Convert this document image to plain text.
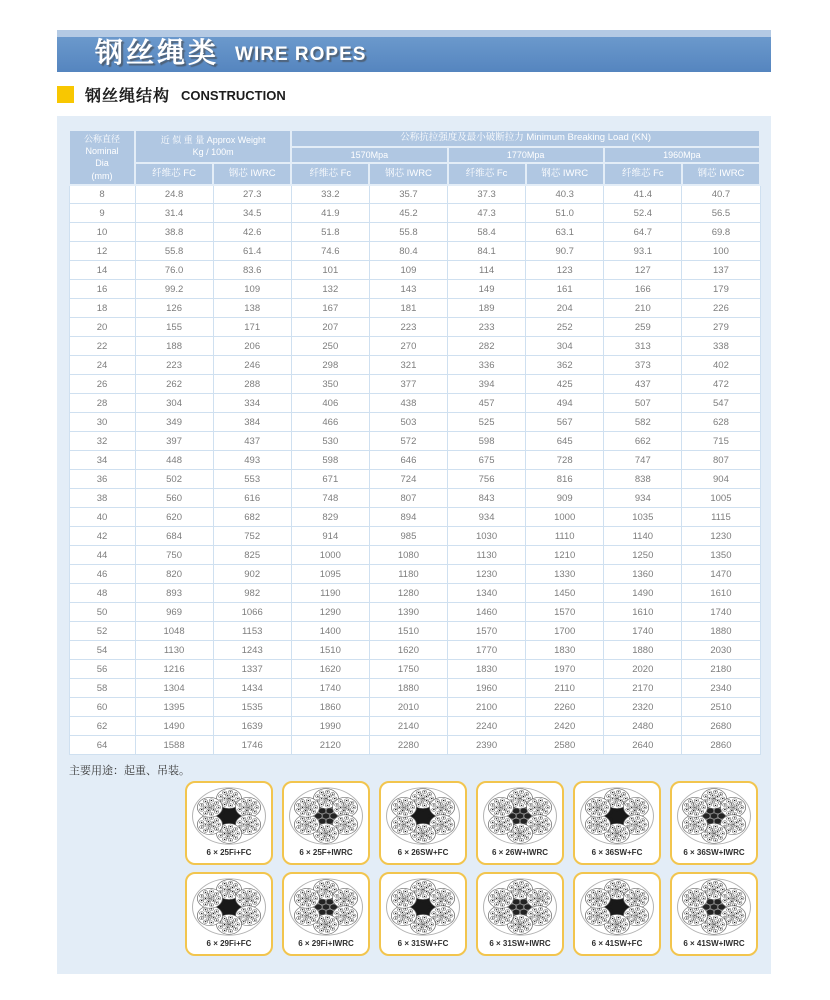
钢丝绳类 WIRE ROPES
钢丝绳结构 CONSTRUCTION
公称直径
Nominal
Dia
(mm)

近 似 重 量 Approx Weight
Kg / 100m
	公称抗拉强度及最小破断拉力 Minimum Breaking Load (KN)
			1570Mpa		1770Mpa		1960Mpa	
	纤维芯 FC	钢芯 IWRC	纤维芯 Fc	钢芯 IWRC	纤维芯 Fc	钢芯 IWRC	纤维芯 Fc	钢芯 IWRC
8	24.8	27.3	33.2	35.7	37.3	40.3	41.4	40.7
9	31.4	34.5	41.9	45.2	47.3	51.0	52.4	56.5
10	38.8	42.6	51.8	55.8	58.4	63.1	64.7	69.8
12	55.8	61.4	74.6	80.4	84.1	90.7	93.1	100
14	76.0	83.6	101	109	114	123	127	137
16	99.2	109	132	143	149	161	166	179
18	126	138	167	181	189	204	210	226
20	155	171	207	223	233	252	259	279
22	188	206	250	270	282	304	313	338
24	223	246	298	321	336	362	373	402
26	262	288	350	377	394	425	437	472
28	304	334	406	438	457	494	507	547
30	349	384	466	503	525	567	582	628
32	397	437	530	572	598	645	662	715
34	448	493	598	646	675	728	747	807
36	502	553	671	724	756	816	838	904
38	560	616	748	807	843	909	934	1005
40	620	682	829	894	934	1000	1035	1115
42	684	752	914	985	1030	1110	1140	1230
44	750	825	1000	1080	1130	1210	1250	1350
46	820	902	1095	1180	1230	1330	1360	1470
48	893	982	1190	1280	1340	1450	1490	1610
50	969	1066	1290	1390	1460	1570	1610	1740
52	1048	1153	1400	1510	1570	1700	1740	1880
54	1130	1243	1510	1620	1770	1830	1880	2030
56	1216	1337	1620	1750	1830	1970	2020	2180
58	1304	1434	1740	1880	1960	2110	2170	2340
60	1395	1535	1860	2010	2100	2260	2320	2510
62	1490	1639	1990	2140	2240	2420	2480	2680
64	1588	1746	2120	2280	2390	2580	2640	2860
主要用途：起重、吊装。
6 × 25Fi+FC	6 × 25F+IWRC	6 × 26SW+FC	6 × 26W+IWRC	6 × 36SW+FC	6 × 36SW+IWRC
6 × 29Fi+FC	6 × 29Fi+IWRC	6 × 31SW+FC	6 × 31SW+IWRC	6 × 41SW+FC	6 × 41SW+IWRC
